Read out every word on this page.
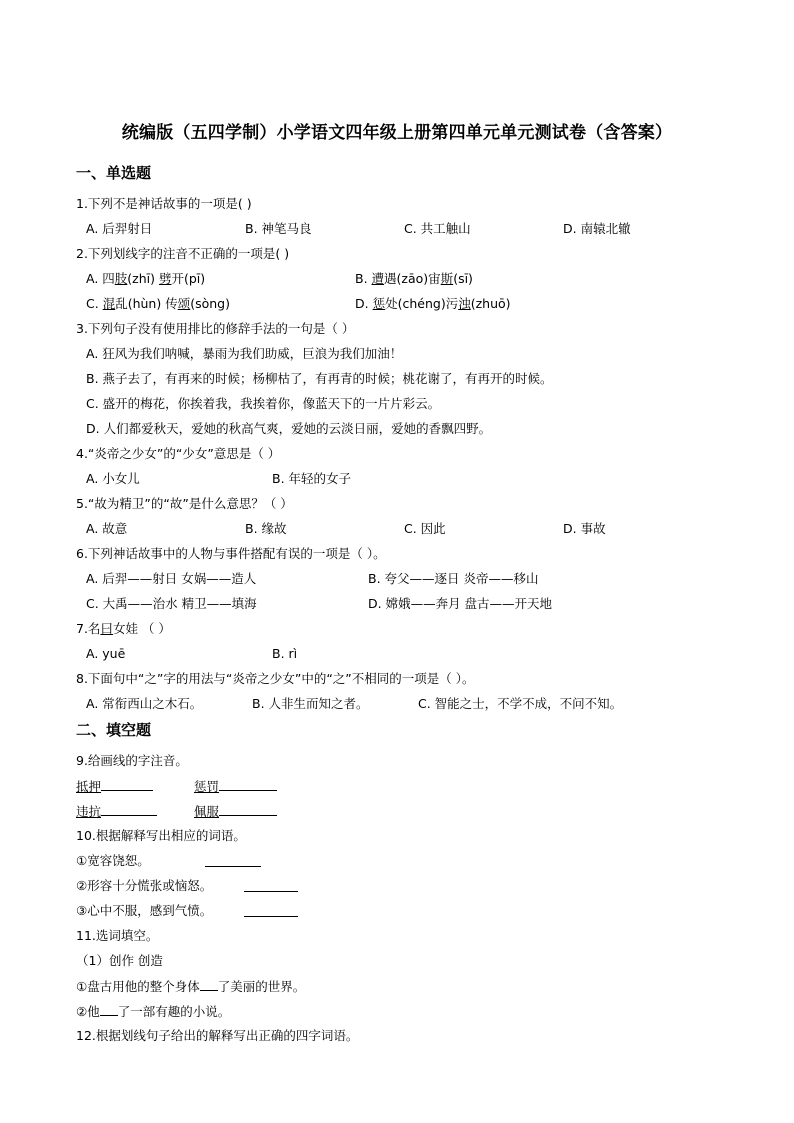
统编版（五四学制）小学语文四年级上册第四单元单元测试卷（含答案）
一、单选题
1.下列不是神话故事的一项是( )
A. 后羿射日	B. 神笔马良	C. 共工触山	D. 南辕北辙
2.下列划线字的注音不正确的一项是( )
A. 四肢(zhī) 劈开(pī)	B. 遭遇(zāo)宙斯(sī)
C. 混乱(hùn) 传颂(sòng)	D. 惩处(chéng)污浊(zhuō)
3.下列句子没有使用排比的修辞手法的一句是（ ）
A. 狂风为我们呐喊，暴雨为我们助威，巨浪为我们加油！
B. 燕子去了，有再来的时候；杨柳枯了，有再青的时候；桃花谢了，有再开的时候。
C. 盛开的梅花，你挨着我，我挨着你，像蓝天下的一片片彩云。
D. 人们都爱秋天，爱她的秋高气爽，爱她的云淡日丽，爱她的香飘四野。
4.“炎帝之少女”的“少女”意思是（ ）
A. 小女儿	B. 年轻的女子
5.“故为精卫”的“故”是什么意思？（ ）
A. 故意	B. 缘故	C. 因此	D. 事故
6.下列神话故事中的人物与事件搭配有误的一项是（ ）。
A. 后羿——射日 女娲——造人	B. 夸父——逐日 炎帝——移山
C. 大禹——治水 精卫——填海	D. 嫦娥——奔月 盘古——开天地
7.名曰女娃 （ ）
A. yuē	B. rì
8.下面句中“之”字的用法与“炎帝之少女”中的“之”不相同的一项是（ ）。
A. 常衔西山之木石。	B. 人非生而知之者。	C. 智能之士，不学不成，不问不知。
二、填空题
9.给画线的字注音。
抵押	惩罚
违抗	佩服
10.根据解释写出相应的词语。
①宽容饶恕。
②形容十分慌张或恼怒。
③心中不服，感到气愤。
11.选词填空。
（1）创作 创造
①盘古用他的整个身体 了美丽的世界。
②他 了一部有趣的小说。
12.根据划线句子给出的解释写出正确的四字词语。
